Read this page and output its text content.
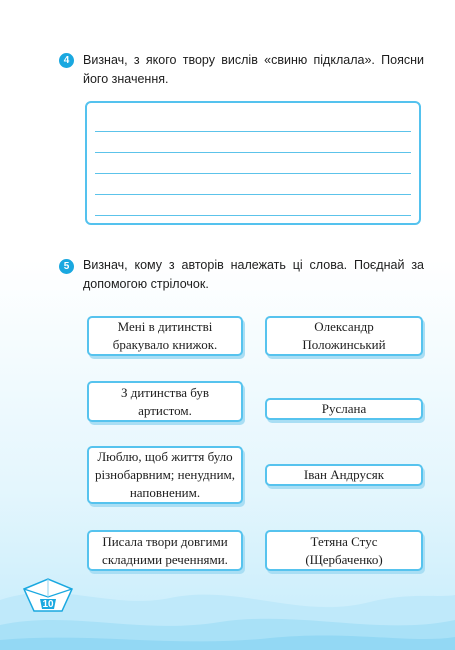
4	Визнач, з якого твору вислів «свиню підклала». Поясни його значення.
5	Визнач, кому з авторів належать ці слова. Поєднай за допомогою стрілочок.
Мені в дитинстві
бракувало книжок.
З дитинства був
артистом.
Люблю, щоб життя було
різнобарвним; ненудним,
наповненим.
Писала твори довгими
складними реченнями.
Олександр
Положинський
Руслана
Іван Андрусяк
Тетяна Стус
(Щербаченко)
10
